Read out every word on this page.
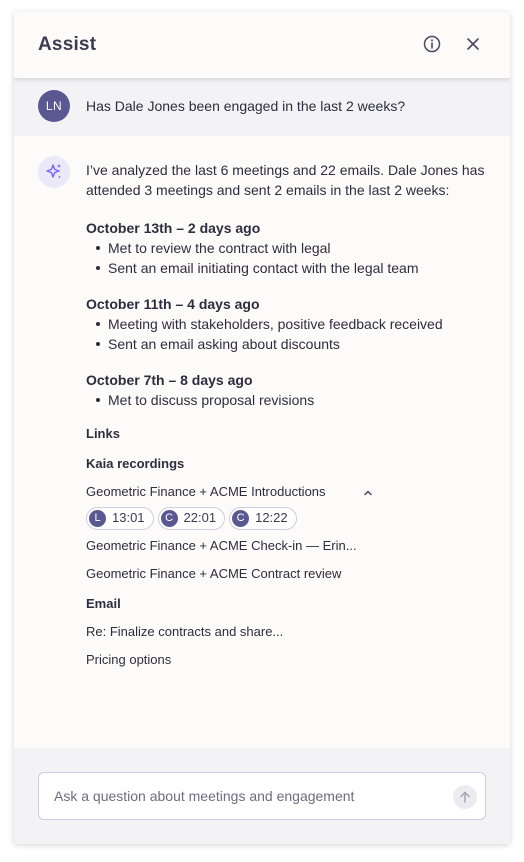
Assist
LN	Has Dale Jones been engaged in the last 2 weeks?

I’ve analyzed the last 6 meetings and 22 emails. Dale Jones has attended 3 meetings and sent 2 emails in the last 2 weeks:

October 13th – 2 days ago
Met to review the contract with legal
Sent an email initiating contact with the legal team
October 11th – 4 days ago
Meeting with stakeholders, positive feedback received
Sent an email asking about discounts
October 7th – 8 days ago
Met to discuss proposal revisions
Links
Kaia recordings
Geometric Finance + ACME Introductions
L 13:01	C 22:01	C 12:22
Geometric Finance + ACME Check-in — Erin...
Geometric Finance + ACME Contract review
Email
Re: Finalize contracts and share...
Pricing options
Ask a question about meetings and engagement
